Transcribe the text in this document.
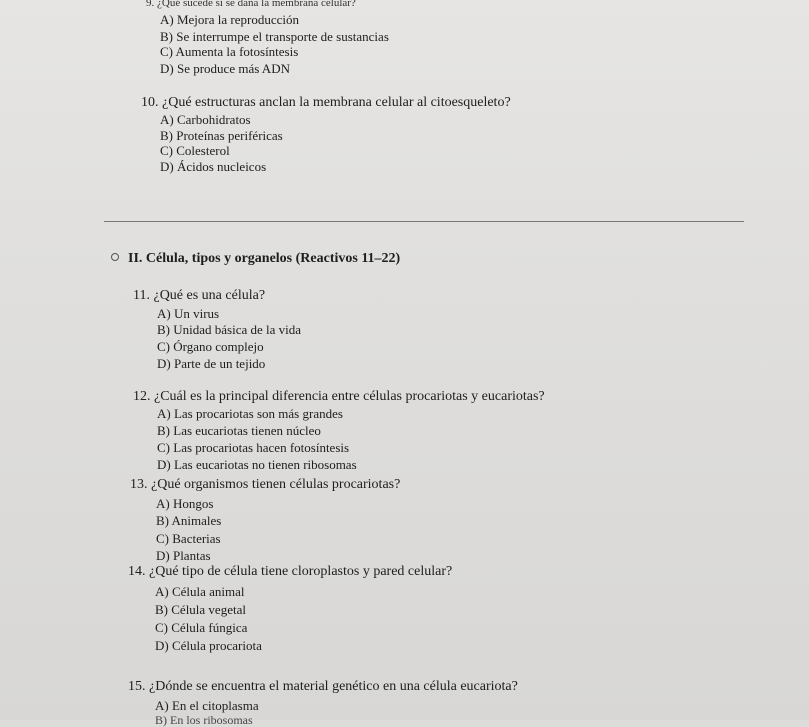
9. ¿Qué sucede si se daña la membrana celular?
A) Mejora la reproducción
B) Se interrumpe el transporte de sustancias
C) Aumenta la fotosíntesis
D) Se produce más ADN
10. ¿Qué estructuras anclan la membrana celular al citoesqueleto?
A) Carbohidratos
B) Proteínas periféricas
C) Colesterol
D) Ácidos nucleicos
II. Célula, tipos y organelos (Reactivos 11–22)
11. ¿Qué es una célula?
A) Un virus
B) Unidad básica de la vida
C) Órgano complejo
D) Parte de un tejido
12. ¿Cuál es la principal diferencia entre células procariotas y eucariotas?
A) Las procariotas son más grandes
B) Las eucariotas tienen núcleo
C) Las procariotas hacen fotosíntesis
D) Las eucariotas no tienen ribosomas
13. ¿Qué organismos tienen células procariotas?
A) Hongos
B) Animales
C) Bacterias
D) Plantas
14. ¿Qué tipo de célula tiene cloroplastos y pared celular?
A) Célula animal
B) Célula vegetal
C) Célula fúngica
D) Célula procariota
15. ¿Dónde se encuentra el material genético en una célula eucariota?
A) En el citoplasma
B) En los ribosomas
